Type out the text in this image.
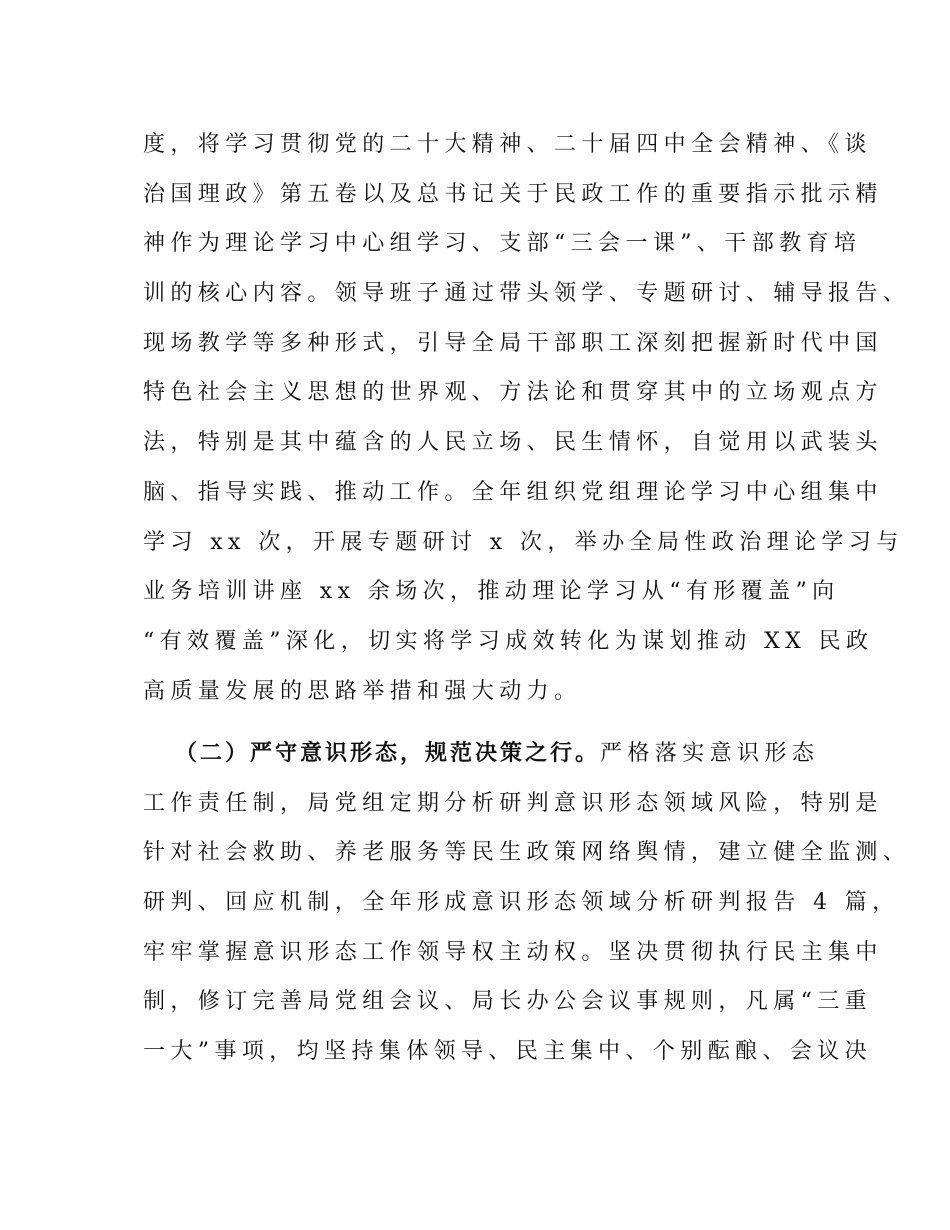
度，将学习贯彻党的二十大精神、二十届四中全会精神、《谈
治国理政》第五卷以及总书记关于民政工作的重要指示批示精
神作为理论学习中心组学习、支部“三会一课”、干部教育培
训的核心内容。领导班子通过带头领学、专题研讨、辅导报告、
现场教学等多种形式，引导全局干部职工深刻把握新时代中国
特色社会主义思想的世界观、方法论和贯穿其中的立场观点方
法，特别是其中蕴含的人民立场、民生情怀，自觉用以武装头
脑、指导实践、推动工作。全年组织党组理论学习中心组集中
学习 xx 次，开展专题研讨 x 次，举办全局性政治理论学习与
业务培训讲座 xx 余场次，推动理论学习从“有形覆盖”向
“有效覆盖”深化，切实将学习成效转化为谋划推动 XX 民政
高质量发展的思路举措和强大动力。
（二）严守意识形态，规范决策之行。严格落实意识形态
工作责任制，局党组定期分析研判意识形态领域风险，特别是
针对社会救助、养老服务等民生政策网络舆情，建立健全监测、
研判、回应机制，全年形成意识形态领域分析研判报告 4 篇，
牢牢掌握意识形态工作领导权主动权。坚决贯彻执行民主集中
制，修订完善局党组会议、局长办公会议事规则，凡属“三重
一大”事项，均坚持集体领导、民主集中、个别酝酿、会议决
